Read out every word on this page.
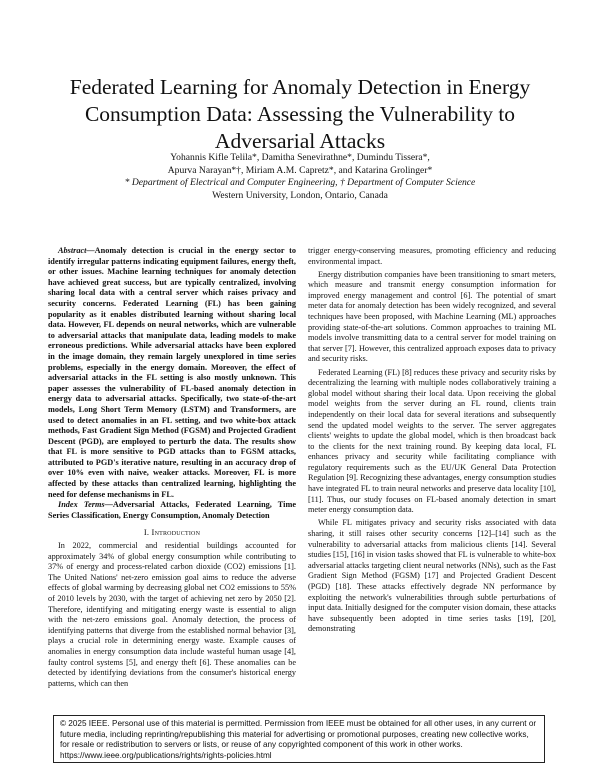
Federated Learning for Anomaly Detection in Energy Consumption Data: Assessing the Vulnerability to Adversarial Attacks
Yohannis Kifle Telila*, Damitha Senevirathne*, Dumindu Tissera*,
Apurva Narayan*†, Miriam A.M. Capretz*, and Katarina Grolinger*
* Department of Electrical and Computer Engineering, † Department of Computer Science
Western University, London, Ontario, Canada

Abstract—Anomaly detection is crucial in the energy sector to identify irregular patterns indicating equipment failures, energy theft, or other issues. Machine learning techniques for anomaly detection have achieved great success, but are typically centralized, involving sharing local data with a central server which raises privacy and security concerns. Federated Learning (FL) has been gaining popularity as it enables distributed learning without sharing local data. However, FL depends on neural networks, which are vulnerable to adversarial attacks that manipulate data, leading models to make erroneous predictions. While adversarial attacks have been explored in the image domain, they remain largely unexplored in time series problems, especially in the energy domain. Moreover, the effect of adversarial attacks in the FL setting is also mostly unknown. This paper assesses the vulnerability of FL-based anomaly detection in energy data to adversarial attacks. Specifically, two state-of-the-art models, Long Short Term Memory (LSTM) and Transformers, are used to detect anomalies in an FL setting, and two white-box attack methods, Fast Gradient Sign Method (FGSM) and Projected Gradient Descent (PGD), are employed to perturb the data. The results show that FL is more sensitive to PGD attacks than to FGSM attacks, attributed to PGD's iterative nature, resulting in an accuracy drop of over 10% even with naive, weaker attacks. Moreover, FL is more affected by these attacks than centralized learning, highlighting the need for defense mechanisms in FL.

Index Terms—Adversarial Attacks, Federated Learning, Time Series Classification, Energy Consumption, Anomaly Detection

I. Introduction

In 2022, commercial and residential buildings accounted for approximately 34% of global energy consumption while contributing to 37% of energy and process-related carbon dioxide (CO2) emissions [1]. The United Nations' net-zero emission goal aims to reduce the adverse effects of global warming by decreasing global net CO2 emissions to 55% of 2010 levels by 2030, with the target of achieving net zero by 2050 [2]. Therefore, identifying and mitigating energy waste is essential to align with the net-zero emissions goal. Anomaly detection, the process of identifying patterns that diverge from the established normal behavior [3], plays a crucial role in determining energy waste. Example causes of anomalies in energy consumption data include wasteful human usage [4], faulty control systems [5], and energy theft [6]. These anomalies can be detected by identifying deviations from the consumer's historical energy patterns, which can then

trigger energy-conserving measures, promoting efficiency and reducing environmental impact.

Energy distribution companies have been transitioning to smart meters, which measure and transmit energy consumption information for improved energy management and control [6]. The potential of smart meter data for anomaly detection has been widely recognized, and several techniques have been proposed, with Machine Learning (ML) approaches providing state-of-the-art solutions. Common approaches to training ML models involve transmitting data to a central server for model training on that server [7]. However, this centralized approach exposes data to privacy and security risks.

Federated Learning (FL) [8] reduces these privacy and security risks by decentralizing the learning with multiple nodes collaboratively training a global model without sharing their local data. Upon receiving the global model weights from the server during an FL round, clients train independently on their local data for several iterations and subsequently send the updated model weights to the server. The server aggregates clients' weights to update the global model, which is then broadcast back to the clients for the next training round. By keeping data local, FL enhances privacy and security while facilitating compliance with regulatory requirements such as the EU/UK General Data Protection Regulation [9]. Recognizing these advantages, energy consumption studies have integrated FL to train neural networks and preserve data locality [10], [11]. Thus, our study focuses on FL-based anomaly detection in smart meter energy consumption data.

While FL mitigates privacy and security risks associated with data sharing, it still raises other security concerns [12]–[14] such as the vulnerability to adversarial attacks from malicious clients [14]. Several studies [15], [16] in vision tasks showed that FL is vulnerable to white-box adversarial attacks targeting client neural networks (NNs), such as the Fast Gradient Sign Method (FGSM) [17] and Projected Gradient Descent (PGD) [18]. These attacks effectively degrade NN performance by exploiting the network's vulnerabilities through subtle perturbations of input data. Initially designed for the computer vision domain, these attacks have subsequently been adopted in time series tasks [19], [20], demonstrating

© 2025 IEEE. Personal use of this material is permitted. Permission from IEEE must be obtained for all other uses, in any current or future media, including reprinting/republishing this material for advertising or promotional purposes, creating new collective works, for resale or redistribution to servers or lists, or reuse of any copyrighted component of this work in other works. https://www.ieee.org/publications/rights/rights-policies.html
